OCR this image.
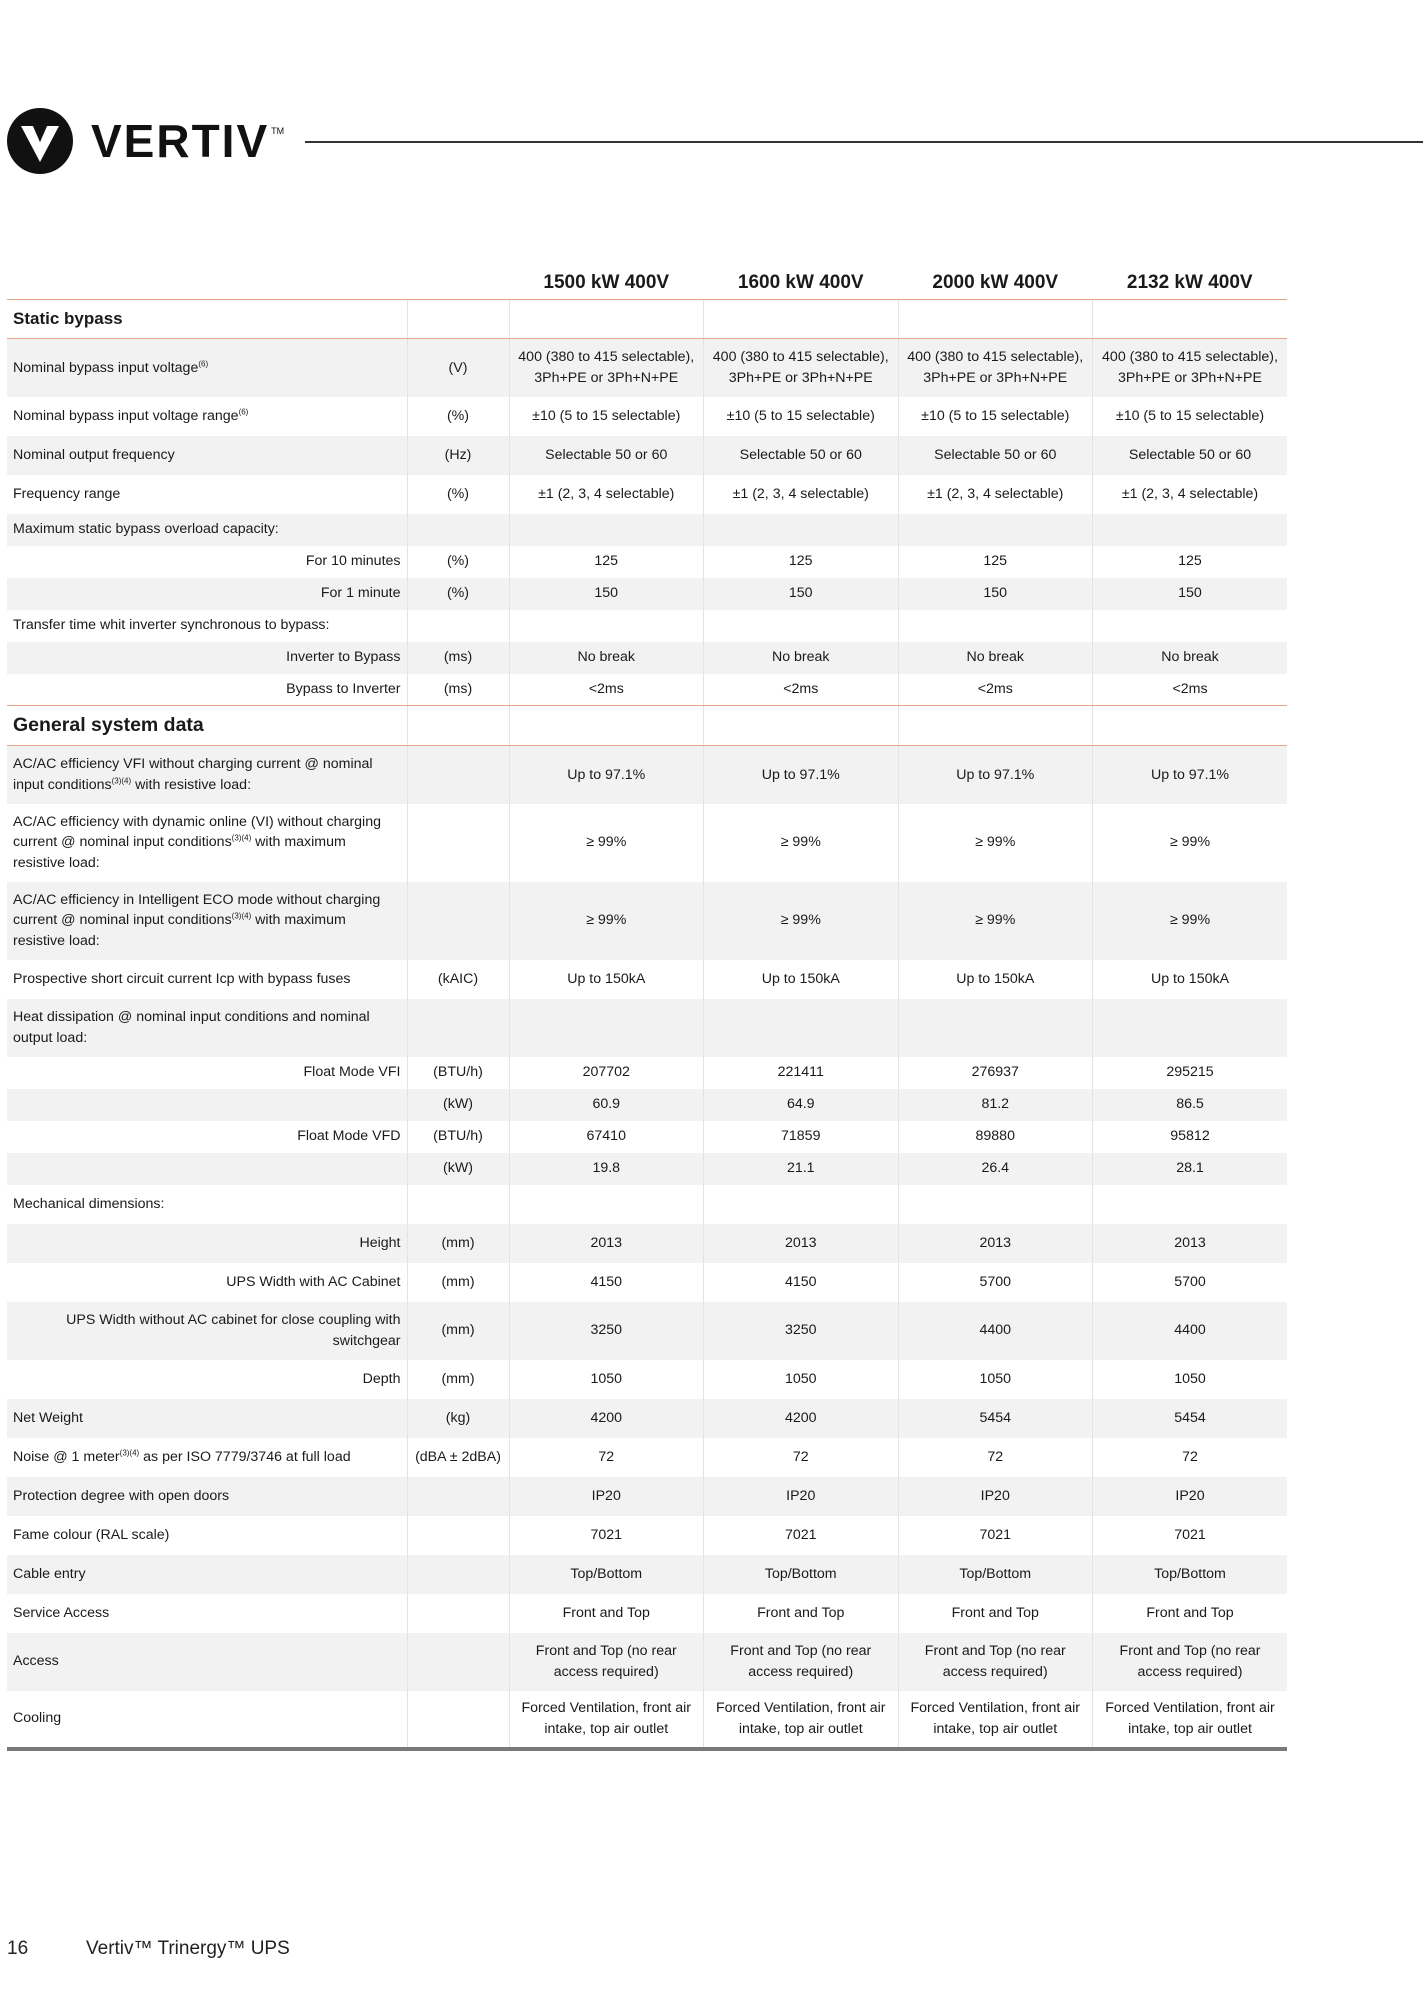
VERTIV ™
		1500 kW 400V	1600 kW 400V	2000 kW 400V	2132 kW 400V
Static bypass					
Nominal bypass input voltage$^{(6)}$	(V)	400 (380 to 415 selectable), 3Ph+PE or 3Ph+N+PE	400 (380 to 415 selectable), 3Ph+PE or 3Ph+N+PE	400 (380 to 415 selectable), 3Ph+PE or 3Ph+N+PE	400 (380 to 415 selectable), 3Ph+PE or 3Ph+N+PE
Nominal bypass input voltage range$^{(6)}$	(%)	±10 (5 to 15 selectable)	±10 (5 to 15 selectable)	±10 (5 to 15 selectable)	±10 (5 to 15 selectable)
Nominal output frequency	(Hz)	Selectable 50 or 60	Selectable 50 or 60	Selectable 50 or 60	Selectable 50 or 60
Frequency range	(%)	±1 (2, 3, 4 selectable)	±1 (2, 3, 4 selectable)	±1 (2, 3, 4 selectable)	±1 (2, 3, 4 selectable)
Maximum static bypass overload capacity:					
For 10 minutes	(%)	125	125	125	125
For 1 minute	(%)	150	150	150	150
Transfer time whit inverter synchronous to bypass:					
Inverter to Bypass	(ms)	No break	No break	No break	No break
Bypass to Inverter	(ms)	<2ms	<2ms	<2ms	<2ms
General system data					
AC/AC efficiency VFI without charging current @ nominal input conditions$^{(3)(4)}$ with resistive load:		Up to 97.1%	Up to 97.1%	Up to 97.1%	Up to 97.1%
AC/AC efficiency with dynamic online (VI) without charging current @ nominal input conditions$^{(3)(4)}$ with maximum resistive load:		≥ 99%	≥ 99%	≥ 99%	≥ 99%
AC/AC efficiency in Intelligent ECO mode without charging current @ nominal input conditions$^{(3)(4)}$ with maximum resistive load:		≥ 99%	≥ 99%	≥ 99%	≥ 99%
Prospective short circuit current Icp with bypass fuses	(kAIC)	Up to 150kA	Up to 150kA	Up to 150kA	Up to 150kA
Heat dissipation @ nominal input conditions and nominal output load:					
Float Mode VFI	(BTU/h)	207702	221411	276937	295215
	(kW)	60.9	64.9	81.2	86.5
Float Mode VFD	(BTU/h)	67410	71859	89880	95812
	(kW)	19.8	21.1	26.4	28.1
Mechanical dimensions:					
Height	(mm)	2013	2013	2013	2013
UPS Width with AC Cabinet	(mm)	4150	4150	5700	5700
UPS Width without AC cabinet for close coupling with switchgear	(mm)	3250	3250	4400	4400
Depth	(mm)	1050	1050	1050	1050
Net Weight	(kg)	4200	4200	5454	5454
Noise @ 1 meter$^{(3)(4)}$ as per ISO 7779/3746 at full load	(dBA ± 2dBA)	72	72	72	72
Protection degree with open doors		IP20	IP20	IP20	IP20
Fame colour (RAL scale)		7021	7021	7021	7021
Cable entry		Top/Bottom	Top/Bottom	Top/Bottom	Top/Bottom
Service Access		Front and Top	Front and Top	Front and Top	Front and Top
Access		Front and Top (no rear access required)	Front and Top (no rear access required)	Front and Top (no rear access required)	Front and Top (no rear access required)
Cooling		Forced Ventilation, front air intake, top air outlet	Forced Ventilation, front air intake, top air outlet	Forced Ventilation, front air intake, top air outlet	Forced Ventilation, front air intake, top air outlet
16	Vertiv™ Trinergy™ UPS
